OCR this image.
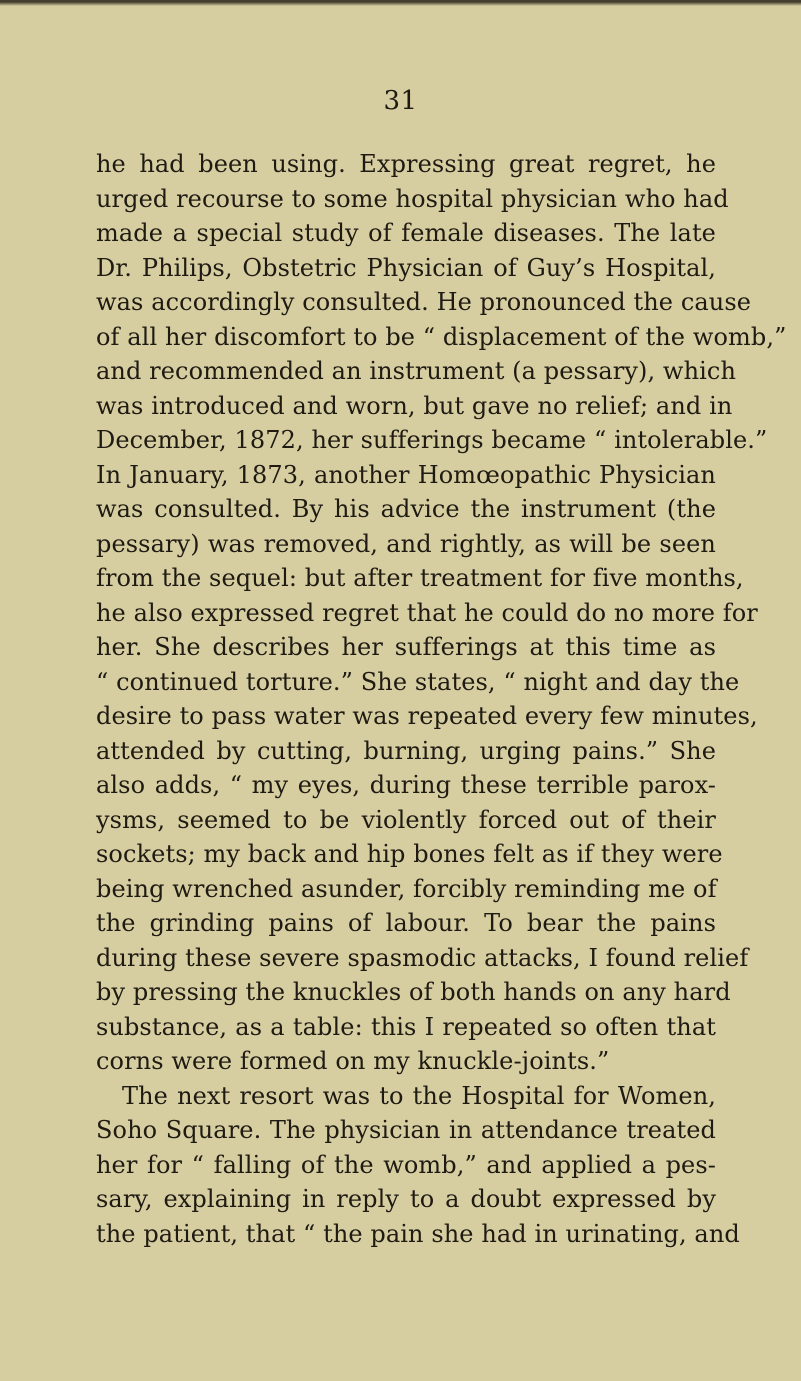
31
he had been using. Expressing great regret, he
urged recourse to some hospital physician who had
made a special study of female diseases. The late
Dr. Philips, Obstetric Physician of Guy’s Hospital,
was accordingly consulted. He pronounced the cause
of all her discomfort to be “ displacement of the womb,”
and recommended an instrument (a pessary), which
was introduced and worn, but gave no relief; and in
December, 1872, her sufferings became “ intolerable.”
In January, 1873, another Homœopathic Physician
was consulted. By his advice the instrument (the
pessary) was removed, and rightly, as will be seen
from the sequel: but after treatment for five months,
he also expressed regret that he could do no more for
her. She describes her sufferings at this time as
“ continued torture.” She states, “ night and day the
desire to pass water was repeated every few minutes,
attended by cutting, burning, urging pains.” She
also adds, “ my eyes, during these terrible parox-
ysms, seemed to be violently forced out of their
sockets; my back and hip bones felt as if they were
being wrenched asunder, forcibly reminding me of
the grinding pains of labour. To bear the pains
during these severe spasmodic attacks, I found relief
by pressing the knuckles of both hands on any hard
substance, as a table: this I repeated so often that
corns were formed on my knuckle-joints.”
The next resort was to the Hospital for Women,
Soho Square. The physician in attendance treated
her for “ falling of the womb,” and applied a pes-
sary, explaining in reply to a doubt expressed by
the patient, that “ the pain she had in urinating, and
